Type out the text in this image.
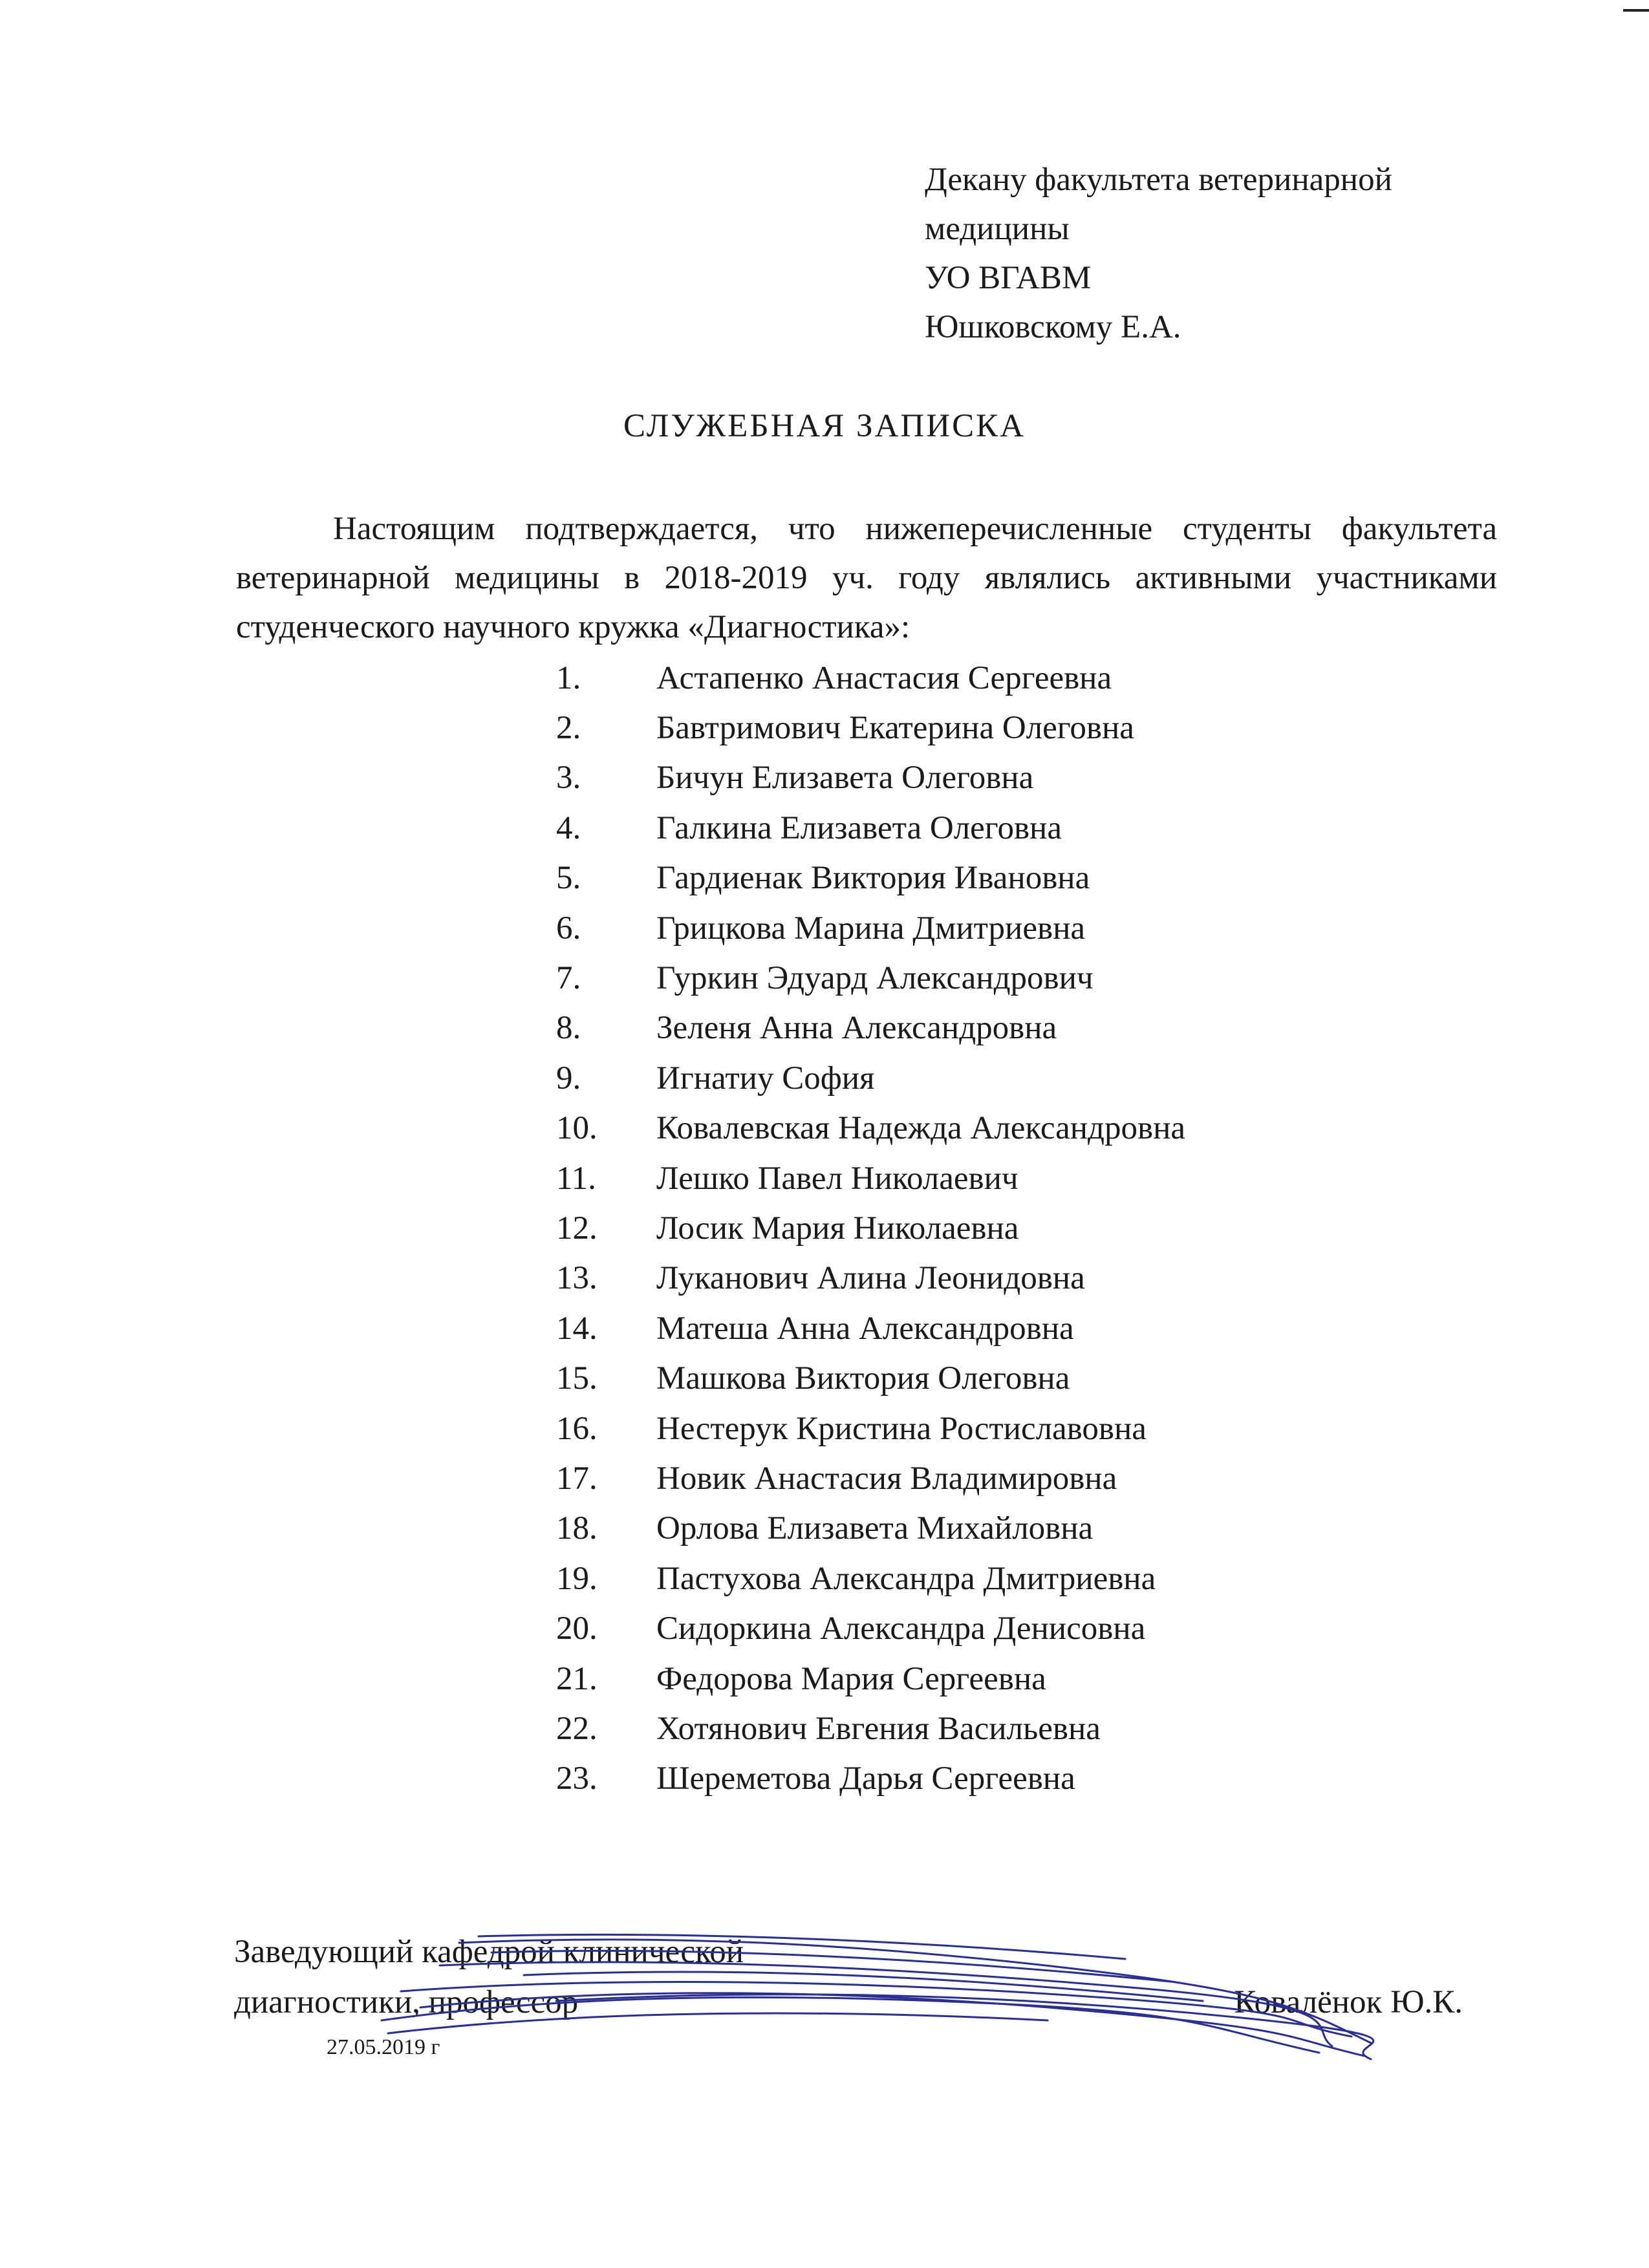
Декану факультета ветеринарной
медицины
УО ВГАВМ
Юшковскому Е.А.
СЛУЖЕБНАЯ ЗАПИСКА
Настоящим подтверждается, что нижеперечисленные студенты факультета ветеринарной медицины в 2018-2019 уч. году являлись активными участниками студенческого научного кружка «Диагностика»:
1.	Астапенко Анастасия Сергеевна
2.	Бавтримович Екатерина Олеговна
3.	Бичун Елизавета Олеговна
4.	Галкина Елизавета Олеговна
5.	Гардиенак Виктория Ивановна
6.	Грицкова Марина Дмитриевна
7.	Гуркин Эдуард Александрович
8.	Зеленя Анна Александровна
9.	Игнатиу София
10.	Ковалевская Надежда Александровна
11.	Лешко Павел Николаевич
12.	Лосик Мария Николаевна
13.	Луканович Алина Леонидовна
14.	Матеша Анна Александровна
15.	Машкова Виктория Олеговна
16.	Нестерук Кристина Ростиславовна
17.	Новик Анастасия Владимировна
18.	Орлова Елизавета Михайловна
19.	Пастухова Александра Дмитриевна
20.	Сидоркина Александра Денисовна
21.	Федорова Мария Сергеевна
22.	Хотянович Евгения Васильевна
23.	Шереметова Дарья Сергеевна
Заведующий кафедрой клинической
диагностики, профессор	Ковалёнок Ю.К.
27.05.2019 г
